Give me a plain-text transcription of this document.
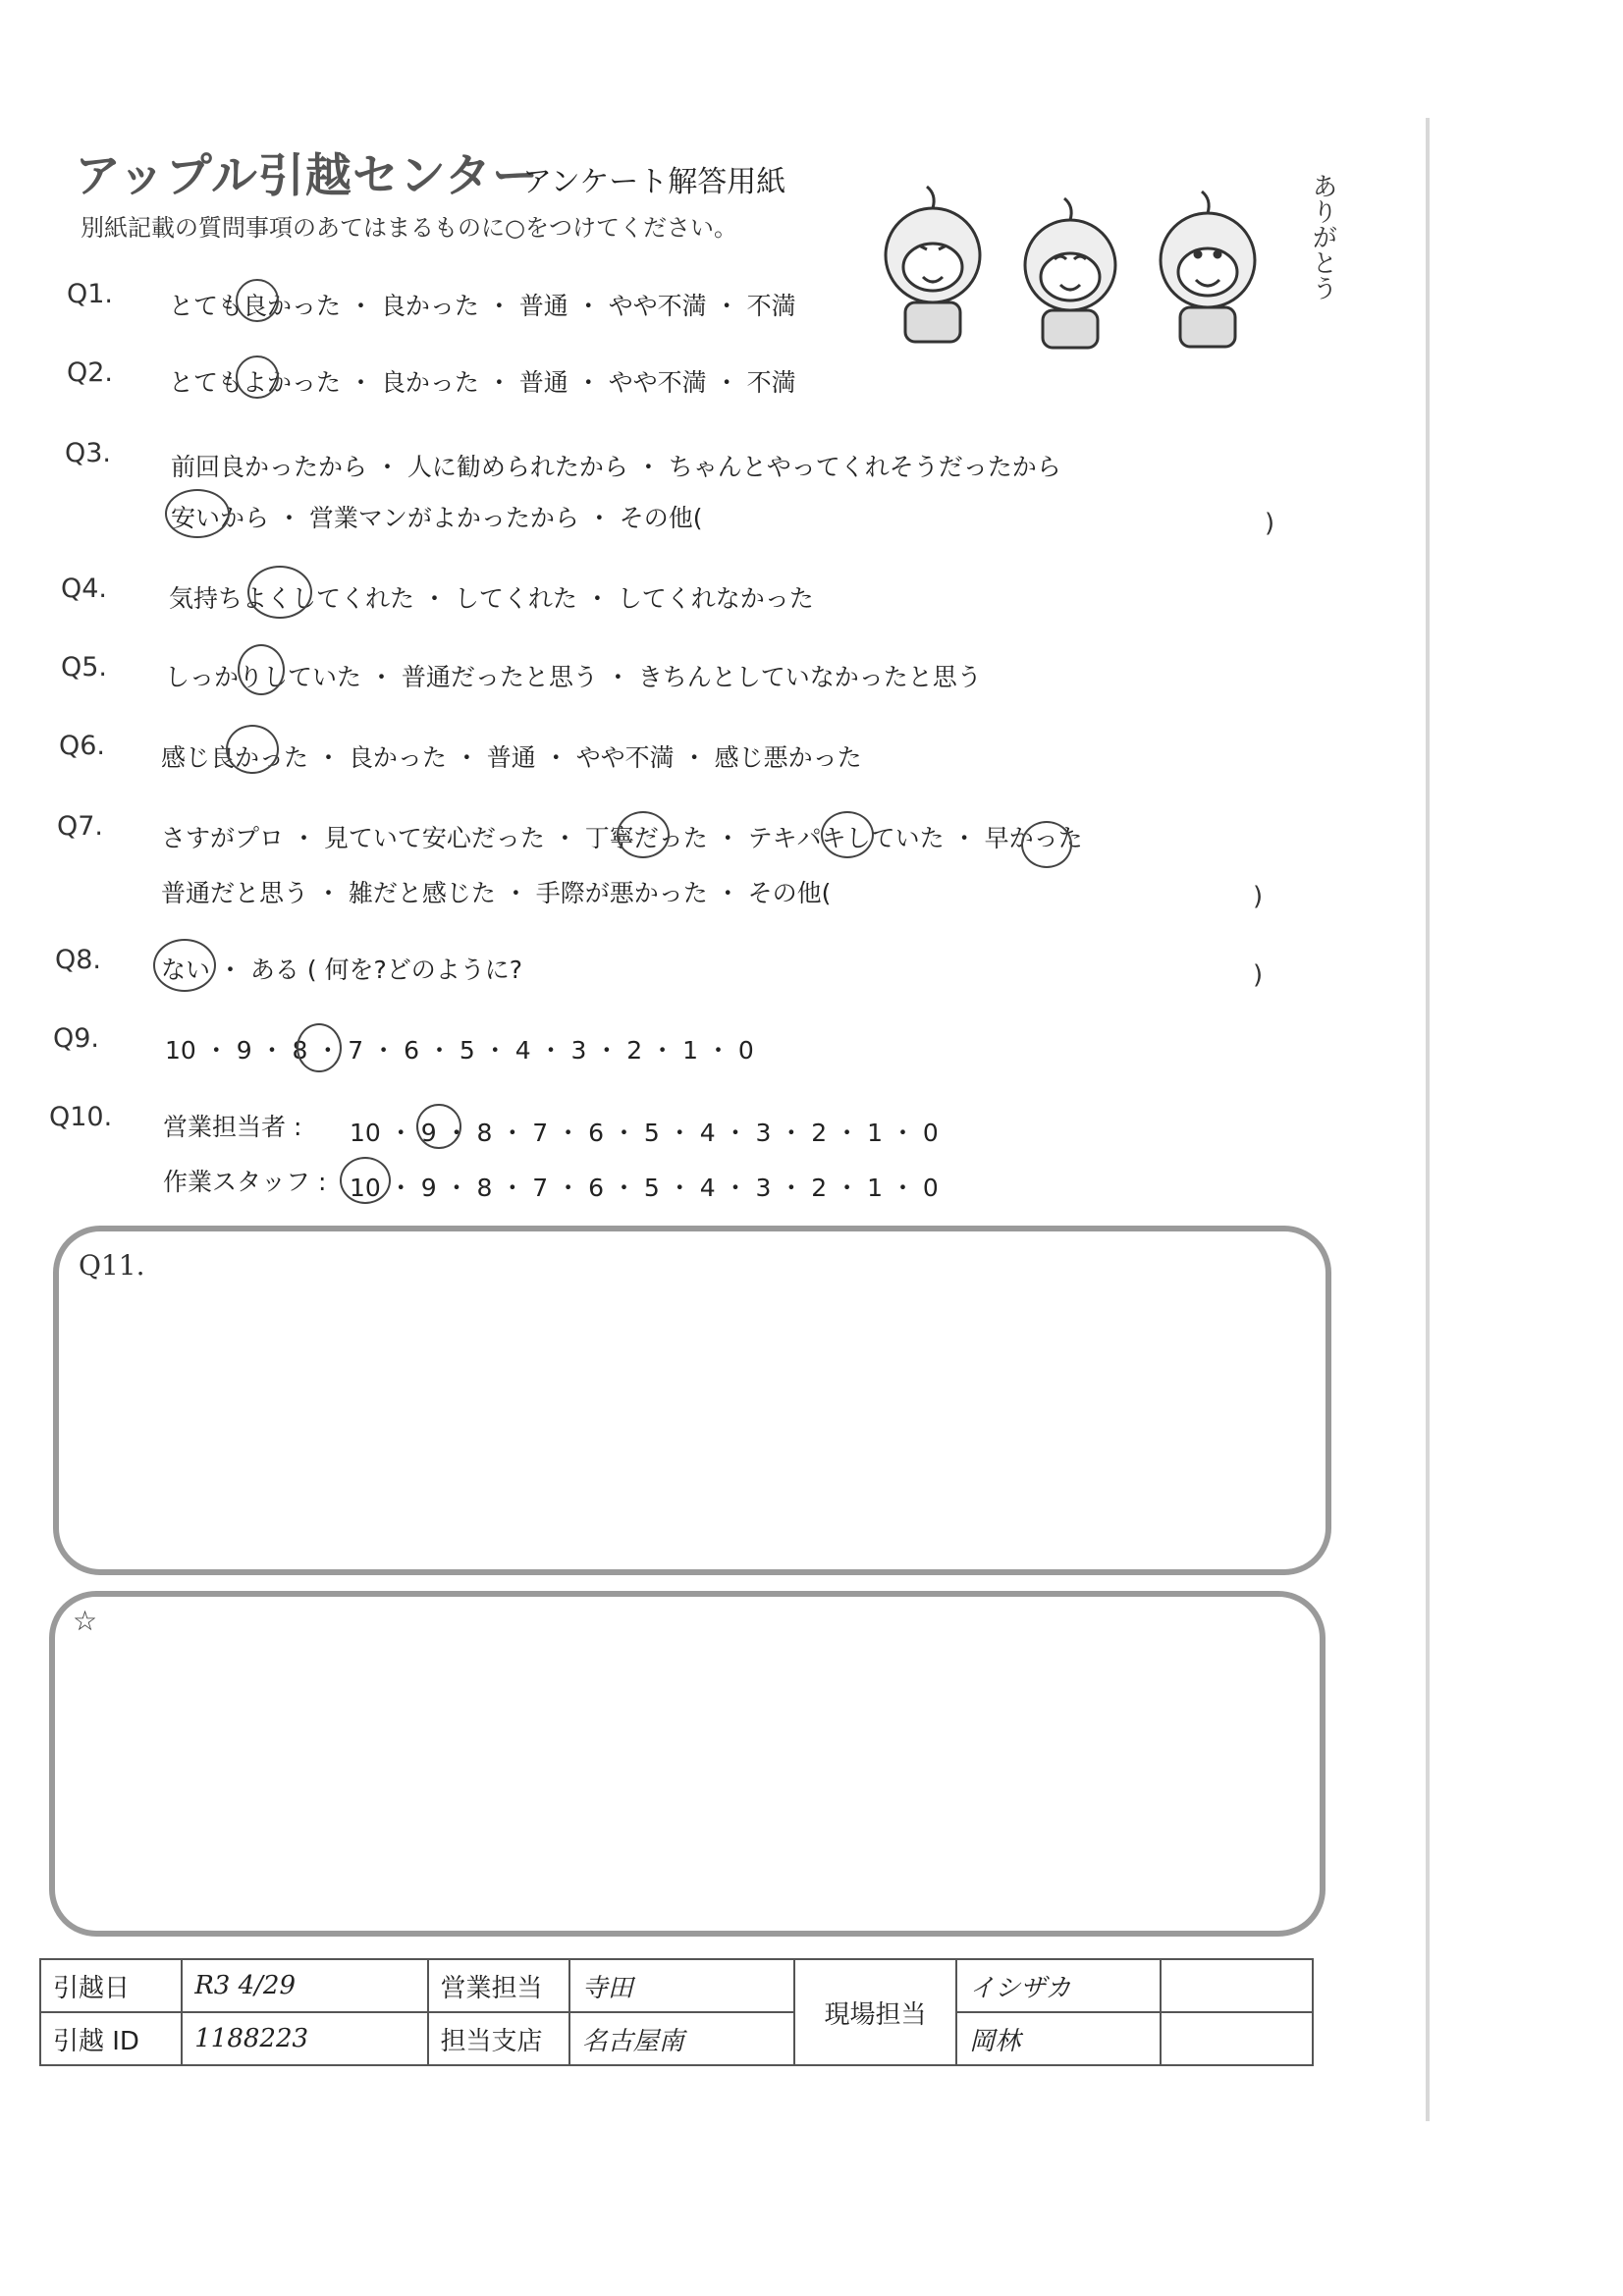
アップル引越センター
アンケート解答用紙
別紙記載の質問事項のあてはまるものに○をつけてください。	ありがとう
Q1. とても良かった ・ 良かった ・ 普通 ・ やや不満 ・ 不満
Q2. とてもよかった ・ 良かった ・ 普通 ・ やや不満 ・ 不満
Q3. 前回良かったから ・ 人に勧められたから ・ ちゃんとやってくれそうだったから
安いから ・ 営業マンがよかったから ・ その他(	)
Q4.	気持ちよくしてくれた ・ してくれた ・ してくれなかった
Q5. しっかりしていた ・ 普通だったと思う ・ きちんとしていなかったと思う
Q6. 感じ良かった ・ 良かった ・ 普通 ・ やや不満 ・ 感じ悪かった
Q7. さすがプロ ・ 見ていて安心だった ・ 丁寧だった ・ テキパキしていた ・ 早かった
普通だと思う ・ 雑だと感じた ・ 手際が悪かった ・ その他(	)
Q8. ない ・ ある ( 何を?どのように?	)
Q9.	10 ・ 9 ・ 8 ・ 7 ・ 6 ・ 5 ・ 4 ・ 3 ・ 2 ・ 1 ・ 0
Q10. 営業担当者 : 10 ・ 9 ・ 8 ・ 7 ・ 6 ・ 5 ・ 4 ・ 3 ・ 2 ・ 1 ・ 0
作業スタッフ : 10 ・ 9 ・ 8 ・ 7 ・ 6 ・ 5 ・ 4 ・ 3 ・ 2 ・ 1 ・ 0
Q11.
☆
引越日	R3 4/29	営業担当	寺田	現場担当	イシザカ	
引越 ID	1188223	担当支店	名古屋南		岡林	
